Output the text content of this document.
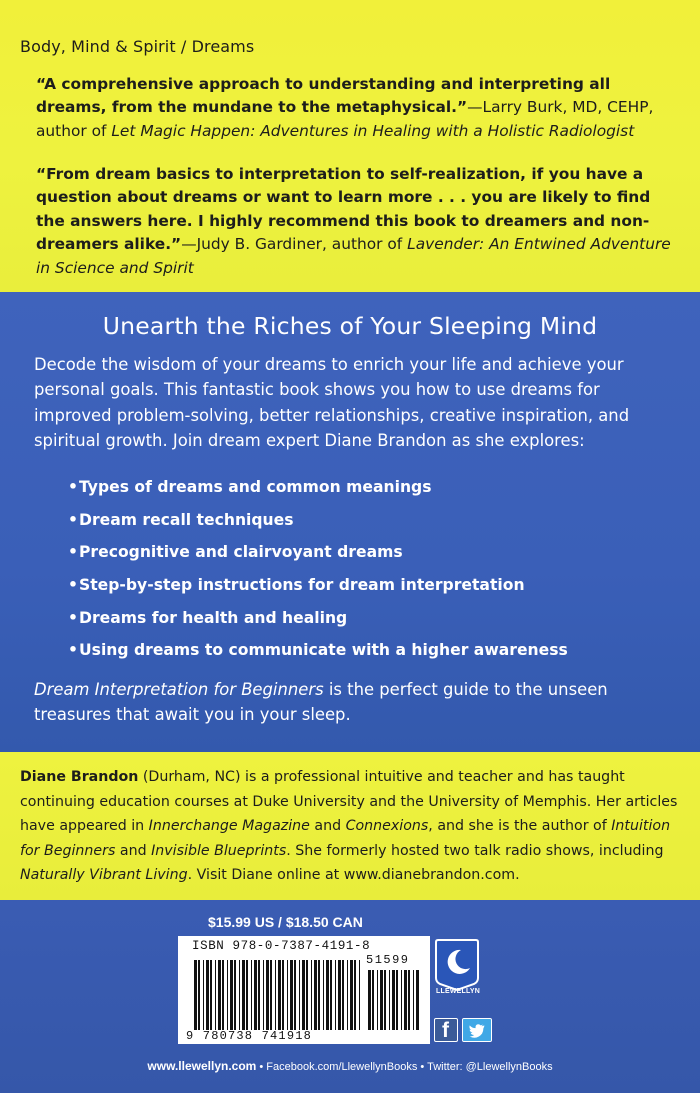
Body, Mind & Spirit / Dreams

“A comprehensive approach to understanding and interpreting all dreams, from the mundane to the metaphysical.”—Larry Burk, MD, CEHP, author of Let Magic Happen: Adventures in Healing with a Holistic Radiologist

“From dream basics to interpretation to self-realization, if you have a question about dreams or want to learn more . . . you are likely to find the answers here. I highly recommend this book to dreamers and non-dreamers alike.”—Judy B. Gardiner, author of Lavender: An Entwined Adventure in Science and Spirit

Unearth the Riches of Your Sleeping Mind

Decode the wisdom of your dreams to enrich your life and achieve your personal goals. This fantastic book shows you how to use dreams for improved problem-solving, better relationships, creative inspiration, and spiritual growth. Join dream expert Diane Brandon as she explores:

•Types of dreams and common meanings
•Dream recall techniques
•Precognitive and clairvoyant dreams
•Step-by-step instructions for dream interpretation
•Dreams for health and healing
•Using dreams to communicate with a higher awareness

Dream Interpretation for Beginners is the perfect guide to the unseen treasures that await you in your sleep.

Diane Brandon (Durham, NC) is a professional intuitive and teacher and has taught continuing education courses at Duke University and the University of Memphis. Her articles have appeared in Innerchange Magazine and Connexions, and she is the author of Intuition for Beginners and Invisible Blueprints. She formerly hosted two talk radio shows, including Naturally Vibrant Living. Visit Diane online at www.dianebrandon.com.

$15.99 US / $18.50 CAN
ISBN 978-0-7387-4191-8
51599
9 780738 741918
LLEWELLYN
f
www.llewellyn.com • Facebook.com/LlewellynBooks • Twitter: @LlewellynBooks
